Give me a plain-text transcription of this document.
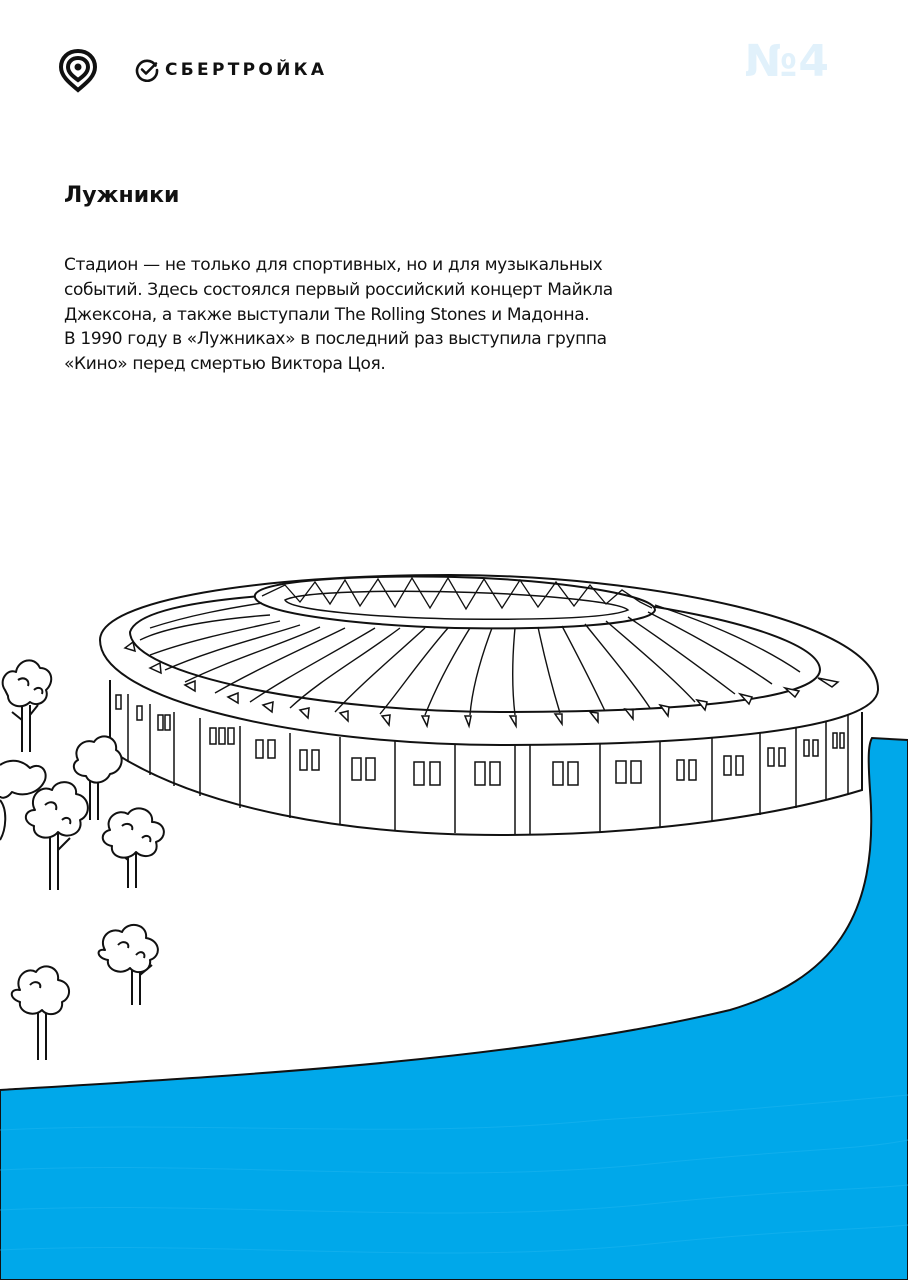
СБЕРТРОЙКА	№4
Лужники

Стадион — не только для спортивных, но и для музыкальных
событий. Здесь состоялся первый российский концерт Майкла
Джексона, а также выступали The Rolling Stones и Мадонна.
В 1990 году в «Лужниках» в последний раз выступила группа
«Кино» перед смертью Виктора Цоя.
